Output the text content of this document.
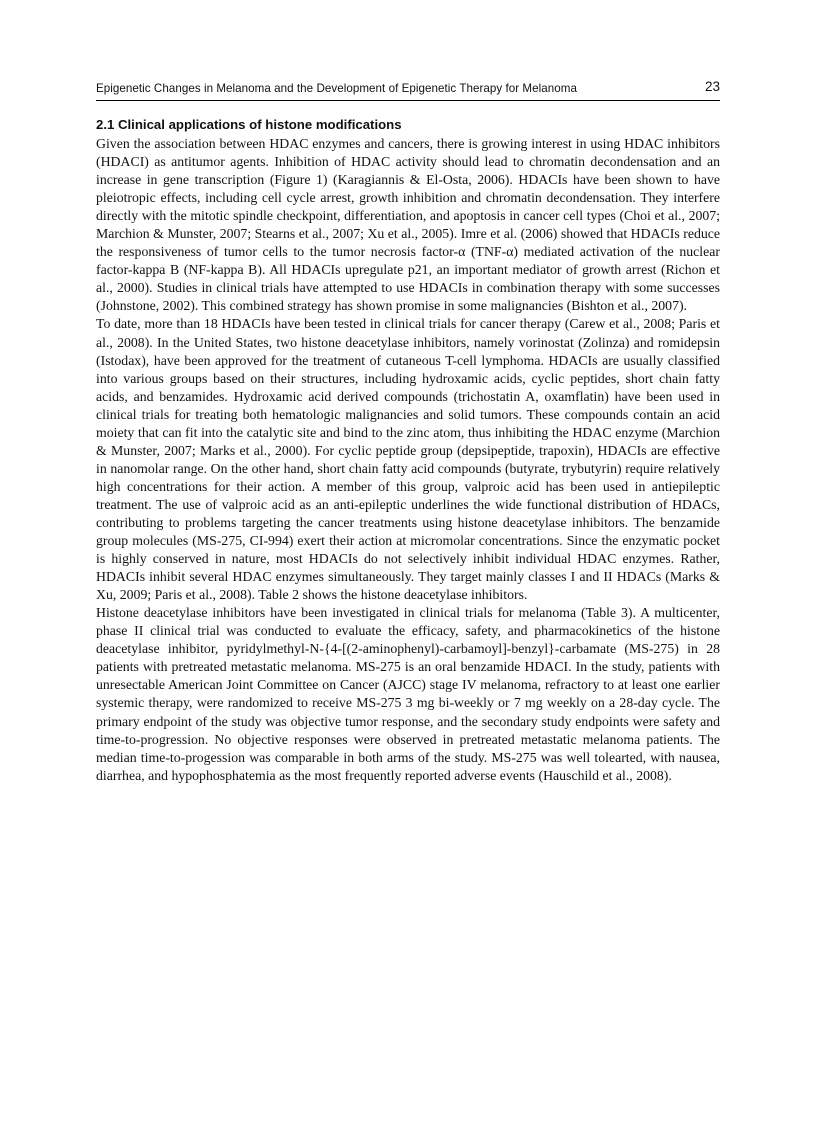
Epigenetic Changes in Melanoma and the Development of Epigenetic Therapy for Melanoma	23
2.1 Clinical applications of histone modifications

Given the association between HDAC enzymes and cancers, there is growing interest in using HDAC inhibitors (HDACI) as antitumor agents. Inhibition of HDAC activity should lead to chromatin decondensation and an increase in gene transcription (Figure 1) (Karagiannis & El-Osta, 2006). HDACIs have been shown to have pleiotropic effects, including cell cycle arrest, growth inhibition and chromatin decondensation. They interfere directly with the mitotic spindle checkpoint, differentiation, and apoptosis in cancer cell types (Choi et al., 2007; Marchion & Munster, 2007; Stearns et al., 2007; Xu et al., 2005). Imre et al. (2006) showed that HDACIs reduce the responsiveness of tumor cells to the tumor necrosis factor-α (TNF-α) mediated activation of the nuclear factor-kappa B (NF-kappa B). All HDACIs upregulate p21, an important mediator of growth arrest (Richon et al., 2000). Studies in clinical trials have attempted to use HDACIs in combination therapy with some successes (Johnstone, 2002). This combined strategy has shown promise in some malignancies (Bishton et al., 2007).

To date, more than 18 HDACIs have been tested in clinical trials for cancer therapy (Carew et al., 2008; Paris et al., 2008). In the United States, two histone deacetylase inhibitors, namely vorinostat (Zolinza) and romidepsin (Istodax), have been approved for the treatment of cutaneous T-cell lymphoma. HDACIs are usually classified into various groups based on their structures, including hydroxamic acids, cyclic peptides, short chain fatty acids, and benzamides. Hydroxamic acid derived compounds (trichostatin A, oxamflatin) have been used in clinical trials for treating both hematologic malignancies and solid tumors. These compounds contain an acid moiety that can fit into the catalytic site and bind to the zinc atom, thus inhibiting the HDAC enzyme (Marchion & Munster, 2007; Marks et al., 2000). For cyclic peptide group (depsipeptide, trapoxin), HDACIs are effective in nanomolar range. On the other hand, short chain fatty acid compounds (butyrate, trybutyrin) require relatively high concentrations for their action. A member of this group, valproic acid has been used in antiepileptic treatment. The use of valproic acid as an anti-epileptic underlines the wide functional distribution of HDACs, contributing to problems targeting the cancer treatments using histone deacetylase inhibitors. The benzamide group molecules (MS-275, CI-994) exert their action at micromolar concentrations. Since the enzymatic pocket is highly conserved in nature, most HDACIs do not selectively inhibit individual HDAC enzymes. Rather, HDACIs inhibit several HDAC enzymes simultaneously. They target mainly classes I and II HDACs (Marks & Xu, 2009; Paris et al., 2008). Table 2 shows the histone deacetylase inhibitors.

Histone deacetylase inhibitors have been investigated in clinical trials for melanoma (Table 3). A multicenter, phase II clinical trial was conducted to evaluate the efficacy, safety, and pharmacokinetics of the histone deacetylase inhibitor, pyridylmethyl-N-{4-[(2-aminophenyl)-carbamoyl]-benzyl}-carbamate (MS-275) in 28 patients with pretreated metastatic melanoma. MS-275 is an oral benzamide HDACI. In the study, patients with unresectable American Joint Committee on Cancer (AJCC) stage IV melanoma, refractory to at least one earlier systemic therapy, were randomized to receive MS-275 3 mg bi-weekly or 7 mg weekly on a 28-day cycle. The primary endpoint of the study was objective tumor response, and the secondary study endpoints were safety and time-to-progression. No objective responses were observed in pretreated metastatic melanoma patients. The median time-to-progession was comparable in both arms of the study. MS-275 was well tolearted, with nausea, diarrhea, and hypophosphatemia as the most frequently reported adverse events (Hauschild et al., 2008).
